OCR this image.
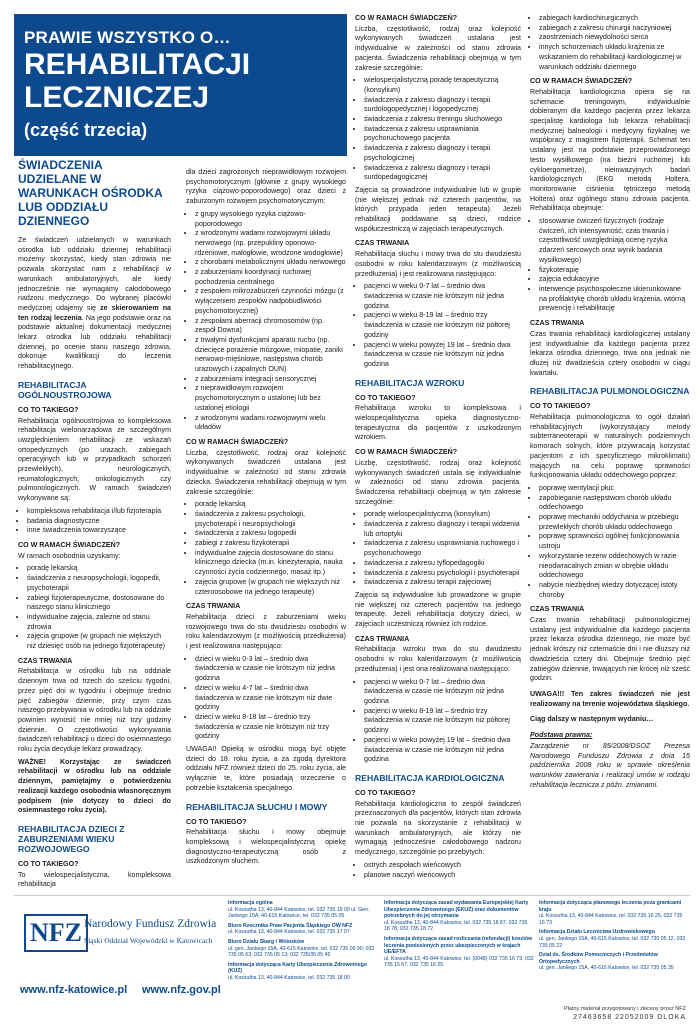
PRAWIE WSZYSTKO O…
REHABILITACJI
LECZNICZEJ
(część trzecia)
ŚWIADCZENIA UDZIELANE W WARUNKACH OŚRODKA LUB ODDZIAŁU DZIENNEGO

Ze świadczeń udzielanych w warunkach ośrodka lub oddziału dziennej rehabilitacji możemy skorzystać, kiedy stan zdrowia nie pozwala skorzystać nam z rehabilitacji w warunkach ambulatoryjnych, ale kiedy jednocześnie nie wymagamy całodobowego nadzoru medycznego. Do wybranej placówki medycznej udajemy się ze skierowaniem na ten rodzaj leczenia. Na jego podstawie oraz na podstawie aktualnej dokumentacji medycznej lekarz ośrodka lub oddziału rehabilitacji dziennej, po ocenie stanu naszego zdrowia, dokonuje kwalifikacji do leczenia rehabilitacyjnego.

REHABILITACJA OGÓLNOUSTROJOWA
CO TO TAKIEGO?

Rehabilitacja ogólnoustrojowa to kompleksowa rehabilitacja wielonarządowa ze szczególnym uwzględnieniem rehabilitacji ze wskazań ortopedycznych (po urazach, zabiegach operacyjnych lub w przypadkach schorzeń przewlekłych), neurologicznych, reumatologicznych, onkologicznych czy pulmonologicznych. W ramach świadczeń wykonywane są:

• kompleksowa rehabilitacja i/lub fizjoterapia
• badania diagnostyczne
• inne świadczenia towarzyszące
CO W RAMACH ŚWIADCZEŃ?

W ramach osobodnia uzyskamy:

• poradę lekarską
• świadczenia z neuropsychologii, logopedii, psychoterapii
• zabiegi fizjoterapeutyczne, dostosowane do naszego stanu klinicznego
• indywidualne zajęcia, zależne od stanu zdrowia
• zajęcia grupowe (w grupach nie większych niż dziesięć osób na jednego fizjoterapeutę)
CZAS TRWANIA

Rehabilitacja w ośrodku lub na oddziale dziennym trwa od trzech do sześciu tygodni, przez pięć dni w tygodniu i obejmuje średnio pięć zabiegów dziennie, przy czym czas naszego przebywania w ośrodku lub na oddziale powinien wynosić nie mniej niż trzy godziny dziennie. O częstotliwości wykonywania świadczeń rehabilitacji u dzieci do osiemnastego roku życia decyduje lekarz prowadzący.

WAŻNE! Korzystając ze świadczeń rehabilitacji w ośrodku lub na oddziale dziennym, pamiętajmy o potwierdzeniu realizacji każdego osobodnia własnoręcznym podpisem (nie dotyczy to dzieci do osiemnastego roku życia).

REHABILITACJA DZIECI Z ZABURZENIAMI WIEKU ROZWOJOWEGO
CO TO TAKIEGO?

To wielospecjalistyczna, kompleksowa rehabilitacja

dla dzieci zagrożonych nieprawidłowym rozwojem psychomotorycznym (głównie z grupy wysokiego ryzyka ciążowo-poporodowego) oraz dzieci z zaburzonym rozwojem psychomotorycznym:

• z grupy wysokiego ryzyka ciążowo-poporodowego
• z wrodzonymi wadami rozwojowymi układu nerwowego (np. przepukliny oponowo-rdzeniowe, małogłowie, wrodzone wodogłowie)
• z chorobami metabolicznymi układu nerwowego
• z zaburzeniami koordynacji ruchowej pochodzenia centralnego
• z zespołem mikrozaburzeń czynności mózgu (z wyłączeniem zespołów nadpobudliwości psychomotorycznej)
• z zespołami aberracji chromosomów (np. zespół Downa)
• z trwałymi dysfunkcjami aparatu ruchu (np. dziecięce porażenie mózgowe, miopatie, zaniki nerwowo-mięśniowe, następstwa chorób urazowych i zapalnych OUN)
• z zaburzeniami integracji sensorycznej
• z nieprawidłowym rozwojem psychomotorycznym o ustalonej lub bez ustalonej etiologii
• z wrodzonymi wadami rozwojowymi wielu układów
CO W RAMACH ŚWIADCZEŃ?

Liczba, częstotliwość, rodzaj oraz kolejność wykonywanych świadczeń ustalana jest indywidualnie w zależności od stanu zdrowia dziecka. Świadczenia rehabilitacji obejmują w tym zakresie szczególnie:

• poradę lekarską
• świadczenia z zakresu psychologii, psychoterapii i neuropsychologii
• świadczenia z zakresu logopedii
• zabiegi z zakresu fizykoterapii
• indywidualne zajęcia dostosowane do stanu klinicznego dziecka (m.in. kinezyterapia, nauka czynności życia codziennego, masaż itp.)
• zajęcia grupowe (w grupach nie większych niż czteroosobowe na jednego terapeutę)
CZAS TRWANIA

Rehabilitacja dzieci z zaburzeniami wieku rozwojowego trwa do stu dwudziestu osobodni w roku kalendarzowym (z możliwością przedłużenia) i jest realizowana następująco:

• dzieci w wieku 0-3 lat – średnio dwa świadczenia w czasie nie krótszym niż jedna godzina
• dzieci w wieku 4-7 lat – średnio dwa świadczenia w czasie nie krótszym niż dwie godziny
• dzieci w wieku 8-18 lat – średnio trzy świadczenia w czasie nie krótszym niż trzy godziny

UWAGA!! Opieką w ośrodku mogą być objęte dzieci do 18. roku życia, a za zgodą dyrektora oddziału NFZ również dzieci do 25. roku życia, ale wyłącznie te, które posiadają orzeczenie o potrzebie kształcenia specjalnego.

REHABILITACJA SŁUCHU I MOWY
CO TO TAKIEGO?

Rehabilitacja słuchu i mowy obejmuje kompleksową i wielospecjalistyczną opiekę diagnostyczno-terapeutyczną osób z uszkodzonym słuchem.

CO W RAMACH ŚWIADCZEŃ?

Liczba, częstotliwość, rodzaj oraz kolejność wykonywanych świadczeń ustalana jest indywidualnie w zależności od stanu zdrowia pacjenta. Świadczenia rehabilitacji obejmują w tym zakresie szczególnie:

• wielospecjalistyczną poradę terapeutyczną (konsylium)
• świadczenia z zakresu diagnozy i terapii surdologopedycznej i logopedycznej
• świadczenia z zakresu treningu słuchowego
• świadczenia z zakresu usprawniania psychoruchowego pacjenta
• świadczenia z zakresu diagnozy i terapii psychologicznej
• świadczenia z zakresu diagnozy i terapii surdopedagogicznej

Zajęcia są prowadzone indywidualnie lub w grupie (nie większej jednak niż czterech pacjentów, na których przypada jeden terapeuta). Jeżeli rehabilitacji poddawane są dzieci, rodzice współuczestniczą w zajęciach terapeutycznych.

CZAS TRWANIA

Rehabilitacja słuchu i mowy trwa do stu dwudziestu osobodni w roku kalendarzowym (z możliwością przedłużenia) i jest realizowana następująco:

• pacjenci w wieku 0-7 lat – średnio dwa świadczenia w czasie nie krótszym niż jedna godzina
• pacjenci w wieku 8-19 lat – średnio trzy świadczenia w czasie nie krótszym niż półtorej godziny
• pacjenci w wieku powyżej 19 lat – średnio dwa świadczenia w czasie nie krótszym niż jedna godzina
REHABILITACJA WZROKU
CO TO TAKIEGO?

Rehabilitacja wzroku to kompleksowa i wielospecjalistyczna opieka diagnostyczno-terapeutyczna dla pacjentów z uszkodzonym wzrokiem.

CO W RAMACH ŚWIADCZEŃ?

Liczbę, częstotliwość, rodzaj oraz kolejność wykonywanych świadczeń ustala się indywidualnie w zależności od stanu zdrowia pacjenta. Świadczenia rehabilitacji obejmują w tym zakresie szczególnie:

• poradę wielospecjalistyczną (konsylium)
• świadczenia z zakresu diagnozy i terapii widzenia lub ortoptyki
• świadczenia z zakresu usprawniania ruchowego i psychoruchowego
• świadczenia z zakresu tyflopedagogiki
• świadczenia z zakresu psychologii i psychoterapii
• świadczenia z zakresu terapii zajęciowej

Zajęcia są indywidualne lub prowadzone w grupie nie większej niż czterech pacjentów na jednego terapeutę. Jeżeli rehabilitacja dotyczy dzieci, w zajęciach uczestniczą również ich rodzice.

CZAS TRWANIA

Rehabilitacja wzroku trwa do stu dwudziestu osobodni w roku kalendarzowym (z możliwością przedłużenia) i jest ona realizowana następująco:

• pacjenci w wieku 0-7 lat – średnio dwa świadczenia w czasie nie krótszym niż jedna godzina
• pacjenci w wieku 8-19 lat – średnio trzy świadczenia w czasie nie krótszym niż półtorej godziny
• pacjenci w wieku powyżej 19 lat – średnio dwa świadczenia w czasie nie krótszym niż jedna godzina
REHABILITACJA KARDIOLOGICZNA
CO TO TAKIEGO?

Rehabilitacja kardiologiczna to zespół świadczeń przeznaczonych dla pacjentów, których stan zdrowia nie pozwala na skorzystanie z rehabilitacji w warunkach ambulatoryjnych, ale którzy nie wymagają jednocześnie całodobowego nadzoru medycznego, szczególnie po przebytych:

• ostrych zespołach wieńcowych
• planowe naczyń wieńcowych
• zabiegach kardiochirurgicznych
• zabiegach z zakresu chirurgii naczyniowej
• zaostrzeniach niewydolności serca
• innych schorzeniach układu krążenia ze wskazaniem do rehabilitacji kardiologicznej w warunkach oddziału dziennego
CO W RAMACH ŚWIADCZEŃ?

Rehabilitacja kardiologiczna opiera się na schemacie treningowym, indywidualnie dobieranym dla każdego pacjenta przez lekarza specjalistę kardiologa lub lekarza rehabilitacji medycznej balneologii i medycyny fizykalnej we współpracy z magistrem fizjoterapii. Schemat ten ustalany jest na podstawie przeprowadzonego testu wysiłkowego (na bieżni ruchomej lub cykloergometrze), nieinwazyjnych badań kardiologicznych (EKG metodą Holtera, monitorowanie ciśnienia tętniczego metodą Holtera) oraz ogólnego stanu zdrowia pacjenta. Rehabilitacja obejmuje:

• stosowanie ćwiczeń fizycznych (rodzaje ćwiczeń, ich intensywność, czas trwania i częstotliwość uwzględniają ocenę ryzyka zdarzeń sercowych oraz wynik badania wysiłkowego)
• fizykoterapię
• zajęcia edukacyjne
• interwencje psychospołeczne ukierunkowane na profilaktykę chorób układu krążenia, wtórną prewencję i rehabilitację
CZAS TRWANIA

Czas trwania rehabilitacji kardiologicznej ustalany jest indywidualnie dla każdego pacjenta przez lekarza ośrodka dziennego, trwa ona jednak nie dłużej niż dwadzieścia cztery osobodni w ciągu kwartału.

REHABILITACJA PULMONOLOGICZNA
CO TO TAKIEGO?

Rehabilitacja pulmonologiczna to ogół działań rehabilitacyjnych (wykorzystujący metody subterraneoterapii w naturalnych podziemnych komorach solnych, które przywracają korzystać pacjentom z ich specyficznego mikroklimatu) mających na celu poprawę sprawności funkcjonowania układu oddechowego poprzez:

• poprawę wentylacji płuc
• zapobieganie następstwom chorób układu oddechowego
• poprawę mechaniki oddychania w przebiegu przewlekłych chorób układu oddechowego
• poprawę sprawności ogólnej funkcjonowania ustroju
• wykorzystanie rezerw oddechowych w razie nieodwracalnych zmian w obrębie układu oddechowego
• nabycie niezbędnej wiedzy dotyczącej istoty choroby
CZAS TRWANIA

Czas trwania rehabilitacji pulmonologicznej ustalany jest indywidualnie dla każdego pacjenta przez lekarza ośrodka dziennego, nie może być jednak krótszy niż czternaście dni i nie dłuższy niż dwadzieścia cztery dni. Obejmuje średnio pięć zabiegów dziennie, trwających nie krócej niż sześć godzin.

UWAGA!!! Ten zakres świadczeń nie jest realizowany na terenie województwa śląskiego.

Ciąg dalszy w następnym wydaniu…

Podstawa prawna:

Zarządzenie nr 85/2008/DSOZ Prezesa Narodowego Funduszu Zdrowia z dnia 15 października 2008 roku w sprawie określenia warunków zawierania i realizacji umów w rodzaju rehabilitacja lecznicza z późn. zmianami.

NFZ Narodowy Fundusz Zdrowia
Śląski Oddział Wojewódzki w Katowicach
www.nfz-katowice.pl www.nfz.gov.pl
Informacja ogólna
ul. Kossutha 13, 40-844 Katowice, tel. 032 735 19 00 ul. Gen. Jankego 15A, 40-615 Katowice, tel. 032 735 05 05
Biuro Rzecznika Praw Pacjenta Śląskiego OW NFZ
ul. Kossutha 13, 40-844 Katowice, tel. 032 735 17 07
Biuro Działu Skarg i Wniosków
ul. gen. Jankego 15A, 40-615 Katowice, tel. 032 735 05 90; 032 735 05 63; 032 735 05 13; 032 735/35 05 45
Informacja dotycząca Karty Ubezpieczenia Zdrowotnego (KUZ)
ul. Kossutha 13, 40-844 Katowice, tel. 032 735 18 00
Informacja dotycząca zasad wydawania Europejskiej Karty Ubezpieczenia Zdrowotnego (EKUZ) oraz dokumentów potrzebnych do jej otrzymania
ul. Kossutha 13, 40-844 Katowice, tel. 032 735 18 87, 032 735 18 78, 032 735 18 72
Informacja dotycząca zasad rozliczania (refundacji) kosztów leczenia poniesionych przez ubezpieczonych w krajach UE/EFTA
ul. Kossutha 13, 40-844 Katowice, tel. (0048) 032 735 16 73, 032 735 15 67, 032 735 16 25
Informacja dotycząca planowego leczenia poza granicami kraju
ul. Kossutha 13, 40-844 Katowice, tel. 032 735 16 25, 032 735 16 73
Informacja Działu Lecznictwa Uzdrowiskowego
ul. gen. Jankego 15A, 40-615 Katowice, tel. 032 735 05 12, 032 735 05 22
Dział ds. Środków Pomocniczych i Przedmiotów Ortopedycznych
ul. gen. Jankego 15A, 40-615 Katowice, tel. 032 735 05 35
Płatny materiał przygotowany i zleceny przez NFZ
27463658 22052009 DLOKA
